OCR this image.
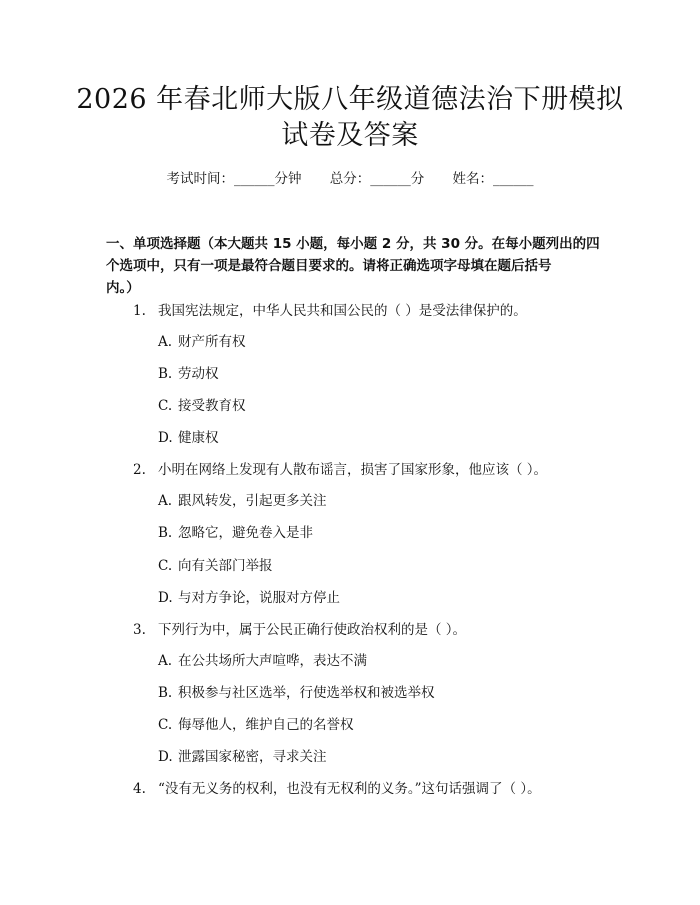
2026 年春北师大版八年级道德法治下册模拟
试卷及答案
考试时间：______分钟 总分：______分 姓名：______
一、单项选择题（本大题共 15 小题，每小题 2 分，共 30 分。在每小题列出的四
个选项中，只有一项是最符合题目要求的。请将正确选项字母填在题后括号
内。）
1. 我国宪法规定，中华人民共和国公民的（ ）是受法律保护的。
A. 财产所有权
B. 劳动权
C. 接受教育权
D. 健康权
2. 小明在网络上发现有人散布谣言，损害了国家形象，他应该（ ）。
A. 跟风转发，引起更多关注
B. 忽略它，避免卷入是非
C. 向有关部门举报
D. 与对方争论，说服对方停止
3. 下列行为中，属于公民正确行使政治权利的是（ ）。
A. 在公共场所大声喧哗，表达不满
B. 积极参与社区选举，行使选举权和被选举权
C. 侮辱他人，维护自己的名誉权
D. 泄露国家秘密，寻求关注
4. “没有无义务的权利，也没有无权利的义务。”这句话强调了（ ）。
